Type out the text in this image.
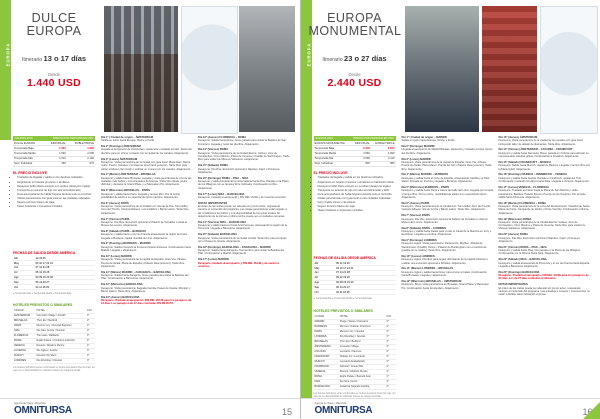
EUROPA
DULCE
EUROPA
Itinerario 13 o 17 días
Desde
1.440 USD
SALIDAS 2019	PRECIO POR PERSONA EN USD
DULCE EUROPA	INDIVIDUAL	DOBLE/TRIPLE
Temporada Baja	1.440	1.990
Temporada Media	1.530	2.090
Temporada Alta	1.610	2.190
Supl. Individual	490	670
EL PRECIO INCLUYE
• Traslados de llegada y salida en los destinos indicados.
• Alojamiento en hoteles previstos o similares.
• Desayuno buffet diario excepto en Londres (desayuno inglés).
• Transporte en autocar de lujo con aire acondicionado.
• Guía acompañante de habla hispana durante todo el recorrido.
• Visitas panorámicas con guía local en las ciudades indicadas.
• Seguro turístico básico de viaje.
• Tasas hoteleras e impuestos incluidos.
FECHAS DE SALIDA DESDE AMÉRICA
Abr	12 19 26
May	03 10 17 24 31
Jun	07 14 21 28
Jul	05 12 19 26
Ago	02 09 16 23 30
Sep	06 13 20 27
Oct	04 11 18 25
● Temporada Alta ● Temporada Media ● Temporada Baja
HOTELES PREVISTOS O SIMILARES
CIUDAD	HOTEL	CAT.
ÁMSTERDAM	Corendon Village / Amrâth	4*
BRUSELAS	Thon EU / Bedford	4*
PARÍS	Mercure Ivry / Novotel Bagnolet	4*
NIZA	Ibis Nice Centre / Novotel	3*
FLORENCIA	The Gate / Raffaello	4*
ROMA	Ergife Palace / Cristoforo Colombo	4*
VENECIA	Russott / Albatros Mestre	4*
LUCERNA	Ibis Styles / Astoria	3*
ZÚRICH	Novotel City West	4*
LONDRES	Ibis Wembley / Novotel	3*
Los hoteles definitivos serán confirmados en la documentación final del viaje. En caso de no disponibilidad se utilizarán hoteles de categoría similar.

Día 1º | Ciudad de origen – ÁMSTERDAM
Salida en avión hacia Europa. Noche a bordo.

Día 2º (Domingo) ÁMSTERDAM
Llegada al aeropuerto de Ámsterdam, asistencia y traslado al hotel. Resto del día libre para un primer contacto con la ciudad de los canales. Alojamiento.

Día 3º (Lunes) ÁMSTERDAM
Desayuno. Visita panorámica de la ciudad con guía local: Plaza Dam, Barrio Judío, Puerto, Canales y la Casa de Ana Frank (exterior). Tarde libre para visitar el Museo Van Gogh o realizar un crucero por los canales. Alojamiento.

Día 4º (Martes) ÁMSTERDAM – BRUSELAS
Desayuno y salida hacia Bruselas. Llegada y visita panorámica de una de las ciudades más bellas y monumentales de Europa. Visita libre desde podrá disfrutar y destacar la Grand Place y el Manneken Pis. Alojamiento.

Día 5º (Miércoles) BRUSELAS – PARÍS
Desayuno y salida hacia París. Llegada y tiempo libre. Por la noche posibilidad de asistir a un espectáculo típico parisino. Alojamiento.

Día 6º (Jueves) PARÍS
Desayuno. Visita panorámica de la Ciudad Luz: Isla de la Cité, Torre Eiffel, Arco del Triunfo, Campos Elíseos, Los Inválidos y Barrio Latino. Tarde libre. Alojamiento.

Día 7º (Viernes) PARÍS
Desayuno. Día libre. Excursión opcional al Palacio de Versalles o visita al Museo del Louvre. Alojamiento.

Día 8º (Sábado) PARÍS – BURDEOS
Desayuno y salida hacia el sur de Francia atravesando la región del Loira. Llegada a Burdeos, capital mundial del vino. Alojamiento.

Día 9º (Domingo) BURDEOS – MADRID
Desayuno. Salida cruzando la frontera hispano-francesa. Continuación hacia Madrid. Llegada y alojamiento.

Día 10º (Lunes) MADRID
Desayuno. Visita panorámica de la capital de España: Gran Vía, Cibeles, Puerta de Alcalá, Plaza de España y Palacio Real (exterior). Tarde libre. Alojamiento.

Día 11º (Martes) MADRID – ZARAGOZA – BARCELONA
Desayuno. Salida hacia Zaragoza, breve parada para visitar la Basílica del Pilar. Continuación a Barcelona. Alojamiento.

Día 12º (Miércoles) BARCELONA
Desayuno. Visita panorámica: Sagrada Familia, Paseo de Gracia, Montjuïc y Barrio Gótico. Tarde libre. Alojamiento.

Día 13º (Jueves) BARCELONA
Desayuno. Traslado al aeropuerto. FIN DEL VIAJE para los pasajeros de 13 días. Los pasajeros de 17 días continúan FIN DE RUTA.

Día 13º (Jueves) FLORENCIA – ROMA
Desayuno. Salida hacia Roma, breve parada para visitar la Basílica de San Francisco. Llegada y resto del día libre. Alojamiento.

Día 14º (Viernes) ROMA
Desayuno. Visita panorámica de la Ciudad Eterna: Coliseo, Arco de Constantino, Circo Máximo, Plaza de Venecia y Castillo de Sant'Angelo. Tarde libre para visitar los Museos Vaticanos. Alojamiento.

Día 15º (Sábado) ROMA
Desayuno. Día libre. Excursión opcional a Nápoles, Capri o Pompeya. Alojamiento.

Día 16º (Domingo) ROMA – PISA – NIZA
Desayuno y salida bordeando la costa italiana hacia Pisa. Parada en la Plaza de los Milagros con su famosa Torre Inclinada. Continuación a Niza. Alojamiento.

Día 17º (Lunes) NIZA – BARCELONA
Desayuno, traslado al aeropuerto y FIN DEL VIAJE y de nuestros servicios.

NOTAS IMPORTANTES
El orden de las visitas puede ser alterado sin previo aviso, respetando siempre el contenido del programa. Las visitas panorámicas están sujetas a las condiciones del tráfico y a la disponibilidad de los guías locales. El alojamiento de la primera y última noche puede ser en ciudades cercanas.

Día 14º (Viernes) NIZA – BARCELONA
Desayuno y salida hacia la Costa Azul francesa, atravesando la región de la Provenza. Llegada a Barcelona. Alojamiento.

Día 15º (Sábado) BARCELONA
Desayuno. Visita panorámica de la ciudad condal. Tarde libre para compras por el Paseo de Gracia. Alojamiento.

Día 16º (Domingo) BARCELONA – ZARAGOZA – MADRID
Desayuno. Salida hacia Zaragoza. Tiempo libre para visitar la Basílica del Pilar. Continuación a Madrid. Alojamiento.

Día 17º (Lunes) MADRID
Desayuno, traslado al aeropuerto y FIN DEL VIAJE y de nuestros servicios.

Agencia de Viajes • Mayorista
OMNITURSA	15
EUROPA
EUROPA
MONUMENTAL
Itinerario 23 o 27 días
Desde
2.440 USD
SALIDAS 2019	PRECIO POR PERSONA EN USD
EUROPA MONUMENTAL	INDIVIDUAL	DOBLE/TRIPLE
Temporada Baja	2.440	2.870
Temporada Media	2.560	2.990
Temporada Alta	2.690	3.110
Supl. Individual	820	980
EL PRECIO INCLUYE
• Traslados de llegada y salida en los destinos indicados.
• Alojamiento en hoteles previstos o similares en habitación doble.
• Desayuno buffet diario excepto en Londres (desayuno inglés).
• Transporte en autocar de lujo con aire acondicionado y WiFi.
• Guía acompañante de habla hispana durante todo el recorrido.
• Visitas panorámicas con guía local en las ciudades indicadas.
• Ferry Calais–Dover o Eurotúnel.
• Seguro turístico básico de viaje.
• Tasas hoteleras e impuestos incluidos.
FECHAS DE SALIDA DESDE AMÉRICA
Abr	05 12 19 26
May	03 10 17 24 31
Jun	07 14 21 28
Jul	05 12 19 26
Ago	02 09 16 23 30
Sep	06 13 20 27
Oct	04 11 18 25
● Temporada Alta ● Temporada Media ● Temporada Baja
HOTELES PREVISTOS O SIMILARES
CIUDAD	HOTEL	CAT.
MADRID	Praga / Weare Chamartín	4*
BURDEOS	Mercure Château Chartrons	4*
PARÍS	Mercure Ivry / Novotel	4*
LONDRES	Ibis Wembley / Novotel	3*
BRUSELAS	Thon EU / Bedford	4*
ÁMSTERDAM	Corendon Village	4*
COLONIA	Leonardo / Mercure	4*
FRANKFURT	Holiday Inn / Leonardo	4*
MUNICH	Leonardo Arabellapark	4*
INNSBRUCK	Alphotel / Grauer Bär	4*
VENECIA	Russott / Albatros Mestre	4*
ROMA	Ergife Palace / Barceló Aran	4*
NIZA	Ibis Nice Centre	3*
BARCELONA	Catalonia Sagrada Familia	4*
Los hoteles definitivos serán confirmados en la documentación final del viaje. En caso de no disponibilidad se utilizarán hoteles de categoría similar.

Día 1º | Ciudad de origen – MADRID
Salida en avión hacia Europa. Noche a bordo.

Día 2º (Domingo) MADRID
Llegada al aeropuerto de Madrid Barajas, asistencia y traslado al hotel. Resto del día libre. Alojamiento.

Día 3º (Lunes) MADRID
Desayuno. Visita panorámica de la capital de España: Gran Vía, Cibeles, Puerta de Alcalá, Plaza Mayor, Puerta del Sol y Palacio Real (exterior). Tarde libre. Alojamiento.

Día 4º (Martes) MADRID – BURDEOS
Desayuno y salida hacia el norte de España, atravesando Castilla y el País Vasco. Entrada en Francia y llegada a Burdeos. Alojamiento.

Día 5º (Miércoles) BURDEOS – PARÍS
Desayuno y salida hacia París a través del valle del Loira. Llegada por la tarde y tiempo libre. Por la noche, posibilidad de asistir a un espectáculo típico. Alojamiento.

Día 6º (Jueves) PARÍS
Desayuno. Visita panorámica de la Ciudad Luz: Torre Eiffel, Arco del Triunfo, Campos Elíseos, Isla de la Cité y Barrio Latino. Tarde libre. Alojamiento.

Día 7º (Viernes) PARÍS
Desayuno. Día libre. Excursión opcional al Palacio de Versalles o visita al Museo del Louvre. Alojamiento.

Día 8º (Sábado) PARÍS – LONDRES
Desayuno y salida hacia Calais para cruzar el Canal de la Mancha en ferry o Eurotúnel. Llegada a Londres. Alojamiento.

Día 9º (Domingo) LONDRES
Desayuno inglés. Visita panorámica: Parlamento, Big Ben, Abadía de Westminster, Picadilly Circus y Palacio de Buckingham con el cambio de guardia (si se realiza). Tarde libre. Alojamiento.

Día 10º (Lunes) LONDRES
Desayuno inglés. Día libre para seguir disfrutando de la capital británica o realizar una excursión opcional a Windsor. Alojamiento.

Día 11º (Martes) LONDRES – BRUSELAS
Desayuno inglés y salida hacia Dover para cruzar a Calais. Continuación hacia Bruselas. Llegada y alojamiento.

Día 12º (Miércoles) BRUSELAS – ÁMSTERDAM
Desayuno. Breve visita panorámica de Bruselas: Grand Place y Manneken Pis. Continuación hacia Ámsterdam. Alojamiento.

Día 13º (Jueves) ÁMSTERDAM
Desayuno. Visita panorámica de la ciudad de los canales con guía local, incluyendo taller de tallado de diamantes. Tarde libre. Alojamiento.

Día 14º (Viernes) ÁMSTERDAM – COLONIA – FRANKFURT
Desayuno y salida hacia Alemania. Breve parada en Colonia para admirar su impresionante catedral gótica. Continuación a Frankfurt. Alojamiento.

Día 15º (Sábado) FRANKFURT – MUNICH
Desayuno. Salida hacia Munich, capital de Baviera. Llegada y tiempo libre por la Marienplatz. Alojamiento.

Día 16º (Domingo) MUNICH – INNSBRUCK – VENECIA
Desayuno y salida hacia Austria. Parada en Innsbruck, capital del Tirol. Continuación cruzando los Alpes hacia Italia. Llegada a Venecia. Alojamiento.

Día 17º (Lunes) VENECIA – FLORENCIA
Desayuno. Traslado en barco hasta la Plaza de San Marcos y visita panorámica: Basílica, Palacio Ducal y Puente de los Suspiros. Por la tarde salida hacia Florencia. Alojamiento.

Día 18º (Martes) FLORENCIA – ROMA
Desayuno. Visita panorámica de la cuna del Renacimiento: Catedral de Santa María del Fiore, Campanile de Giotto y Ponte Vecchio. Continuación a Roma. Alojamiento.

Día 19º (Miércoles) ROMA
Desayuno. Visita panorámica de la Ciudad Eterna: Coliseo, Arco de Constantino, Circo Máximo y Plaza de Venecia. Tarde libre para visitar los Museos Vaticanos. Alojamiento.

Día 20º (Jueves) ROMA
Desayuno. Día libre. Excursión opcional a Nápoles, Capri y Pompeya. Alojamiento.

Día 21º (Viernes) ROMA – PISA – NIZA
Desayuno y salida hacia Pisa, con parada en la Plaza de los Milagros. Continuación por la Riviera hacia Niza. Alojamiento.

Día 22º (Sábado) NIZA – BARCELONA
Desayuno y salida atravesando la Provenza y el sur de Francia hacia España. Llegada a Barcelona. Alojamiento.

Día 23º (Domingo) BARCELONA
Desayuno. Traslado al aeropuerto. FIN DEL VIAJE para los pasajeros de 23 días. Los de 27 días continúan el itinerario.

NOTAS IMPORTANTES
El orden de las visitas puede ser alterado sin previo aviso, respetando siempre el contenido del programa. Las entradas a museos y monumentos no están incluidas salvo indicación expresa.

Agencia de Viajes • Mayorista
OMNITURSA	16
